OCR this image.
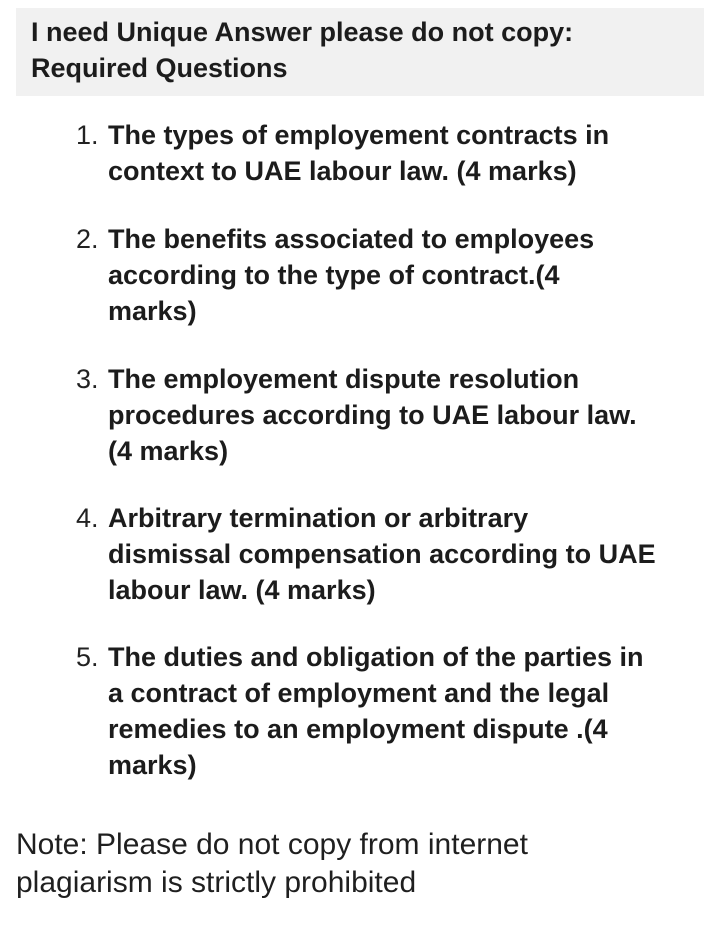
I need Unique Answer please do not copy:
Required Questions
1. The types of employement contracts in
context to UAE labour law. (4 marks)
2. The benefits associated to employees
according to the type of contract.(4
marks)
3. The employement dispute resolution
procedures according to UAE labour law.
(4 marks)
4. Arbitrary termination or arbitrary
dismissal compensation according to UAE
labour law. (4 marks)
5. The duties and obligation of the parties in
a contract of employment and the legal
remedies to an employment dispute .(4
marks)
Note: Please do not copy from internet
plagiarism is strictly prohibited
